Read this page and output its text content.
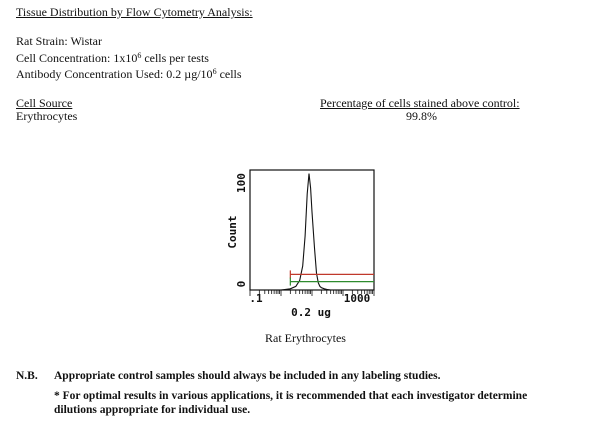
Tissue Distribution by Flow Cytometry Analysis:
Rat Strain: Wistar
Cell Concentration: $1x10^6$ cells per tests
Antibody Concentration Used: 0.2 $\mu g/10^6$ cells
Cell Source
Erythrocytes
Percentage of cells stained above control:
99.8%
Count
100
0
.1	1000
0.2 ug
Rat Erythrocytes
N.B. Appropriate control samples should always be included in any labeling studies.
* For optimal results in various applications, it is recommended that each investigator determine
dilutions appropriate for individual use.
